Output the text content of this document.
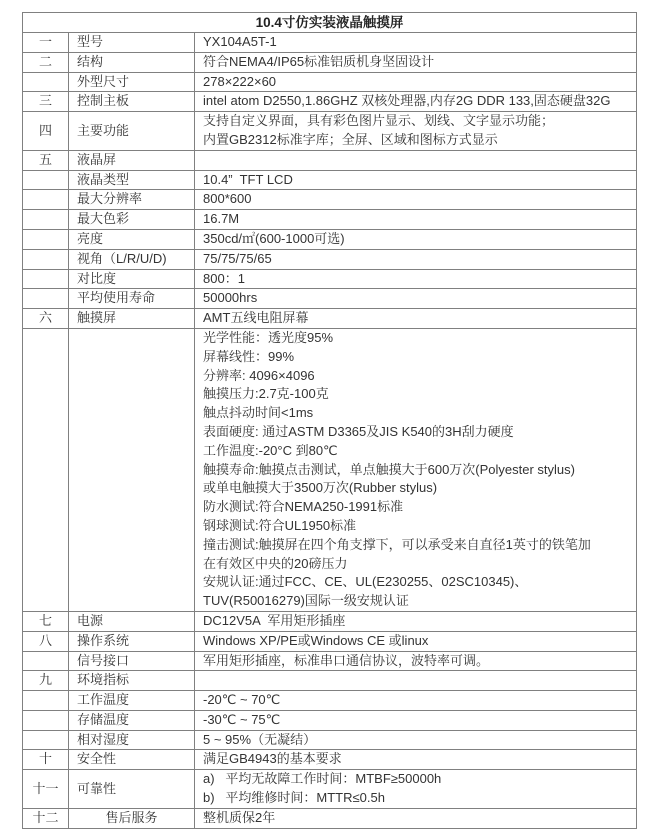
10.4寸仿实装液晶触摸屏		
一	型号	YX104A5T-1
二	结构	符合NEMA4/IP65标准铝质机身坚固设计
	外型尺寸	278×222×60
三	控制主板	intel atom D2550,1.86GHZ 双核处理器,内存2G DDR 133,固态硬盘32G
四	主要功能	支持自定义界面，具有彩色图片显示、划线、文字显示功能；
内置GB2312标准字库；全屏、区域和图标方式显示

五	液晶屏	
	液晶类型	10.4”  TFT LCD
	最大分辨率	800*600
	最大色彩	16.7M
	亮度	350cd/㎡(600-1000可选)
	视角（L/R/U/D)	75/75/75/65
	对比度	800：1
	平均使用寿命	50000hrs
六	触摸屏	AMT五线电阻屏幕

光学性能：透光度95%
屏幕线性：99%
分辨率: 4096×4096
触摸压力:2.7克-100克
触点抖动时间<1ms
表面硬度: 通过ASTM D3365及JIS K540的3H刮力硬度
工作温度:-20°C 到80℃
触摸寿命:触摸点击测试，单点触摸大于600万次(Polyester stylus)
或单电触摸大于3500万次(Rubber stylus)
防水测试:符合NEMA250-1991标准
钢球测试:符合UL1950标准
撞击测试:触摸屏在四个角支撑下，可以承受来自直径1英寸的铁笔加
在有效区中央的20磅压力
安规认证:通过FCC、CE、UL(E230255、02SC10345)、
TUV(R50016279)国际一级安规认证

七	电源	DC12V5A  军用矩形插座
八	操作系统	Windows XP/PE或Windows CE 或linux
	信号接口	军用矩形插座，标准串口通信协议，波特率可调。
九	环境指标	
	工作温度	-20℃ ~ 70℃
	存储温度	-30℃ ~ 75℃
	相对湿度	5 ~ 95%（无凝结）
十	安全性	满足GB4943的基本要求
十一	可靠性	a)   平均无故障工作时间：MTBF≥50000h
b)   平均维修时间：MTTR≤0.5h

十二	售后服务	整机质保2年
